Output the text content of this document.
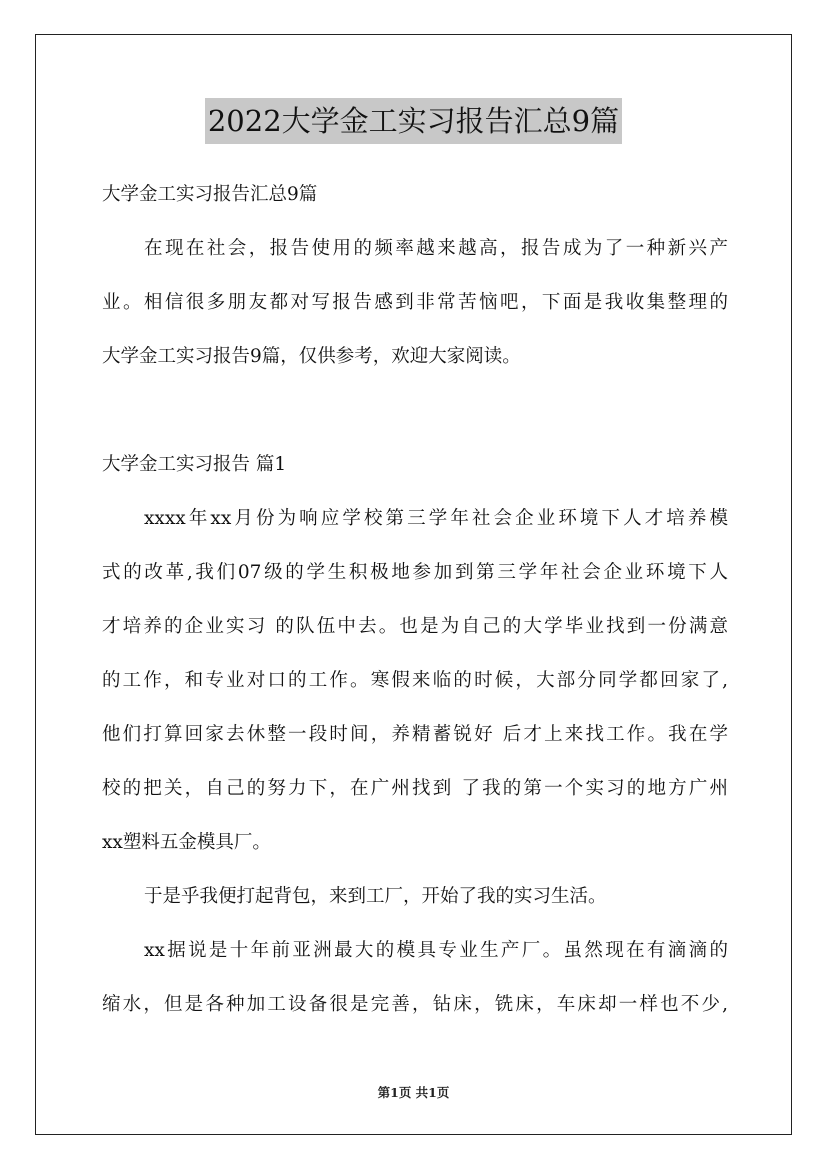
2022大学金工实习报告汇总9篇
大学金工实习报告汇总9篇
在现在社会，报告使用的频率越来越高，报告成为了一种新兴产
业。相信很多朋友都对写报告感到非常苦恼吧，下面是我收集整理的
大学金工实习报告9篇，仅供参考，欢迎大家阅读。
大学金工实习报告 篇1
xxxx年xx月份为响应学校第三学年社会企业环境下人才培养模
式的改革,我们07级的学生积极地参加到第三学年社会企业环境下人
才培养的企业实习 的队伍中去。也是为自己的大学毕业找到一份满意
的工作，和专业对口的工作。寒假来临的时候，大部分同学都回家了,
他们打算回家去休整一段时间，养精蓄锐好 后才上来找工作。我在学
校的把关，自己的努力下，在广州找到 了我的第一个实习的地方广州
xx塑料五金模具厂。
于是乎我便打起背包，来到工厂，开始了我的实习生活。
xx据说是十年前亚洲最大的模具专业生产厂。虽然现在有滴滴的
缩水，但是各种加工设备很是完善，钻床，铣床，车床却一样也不少,
第1页 共1页
